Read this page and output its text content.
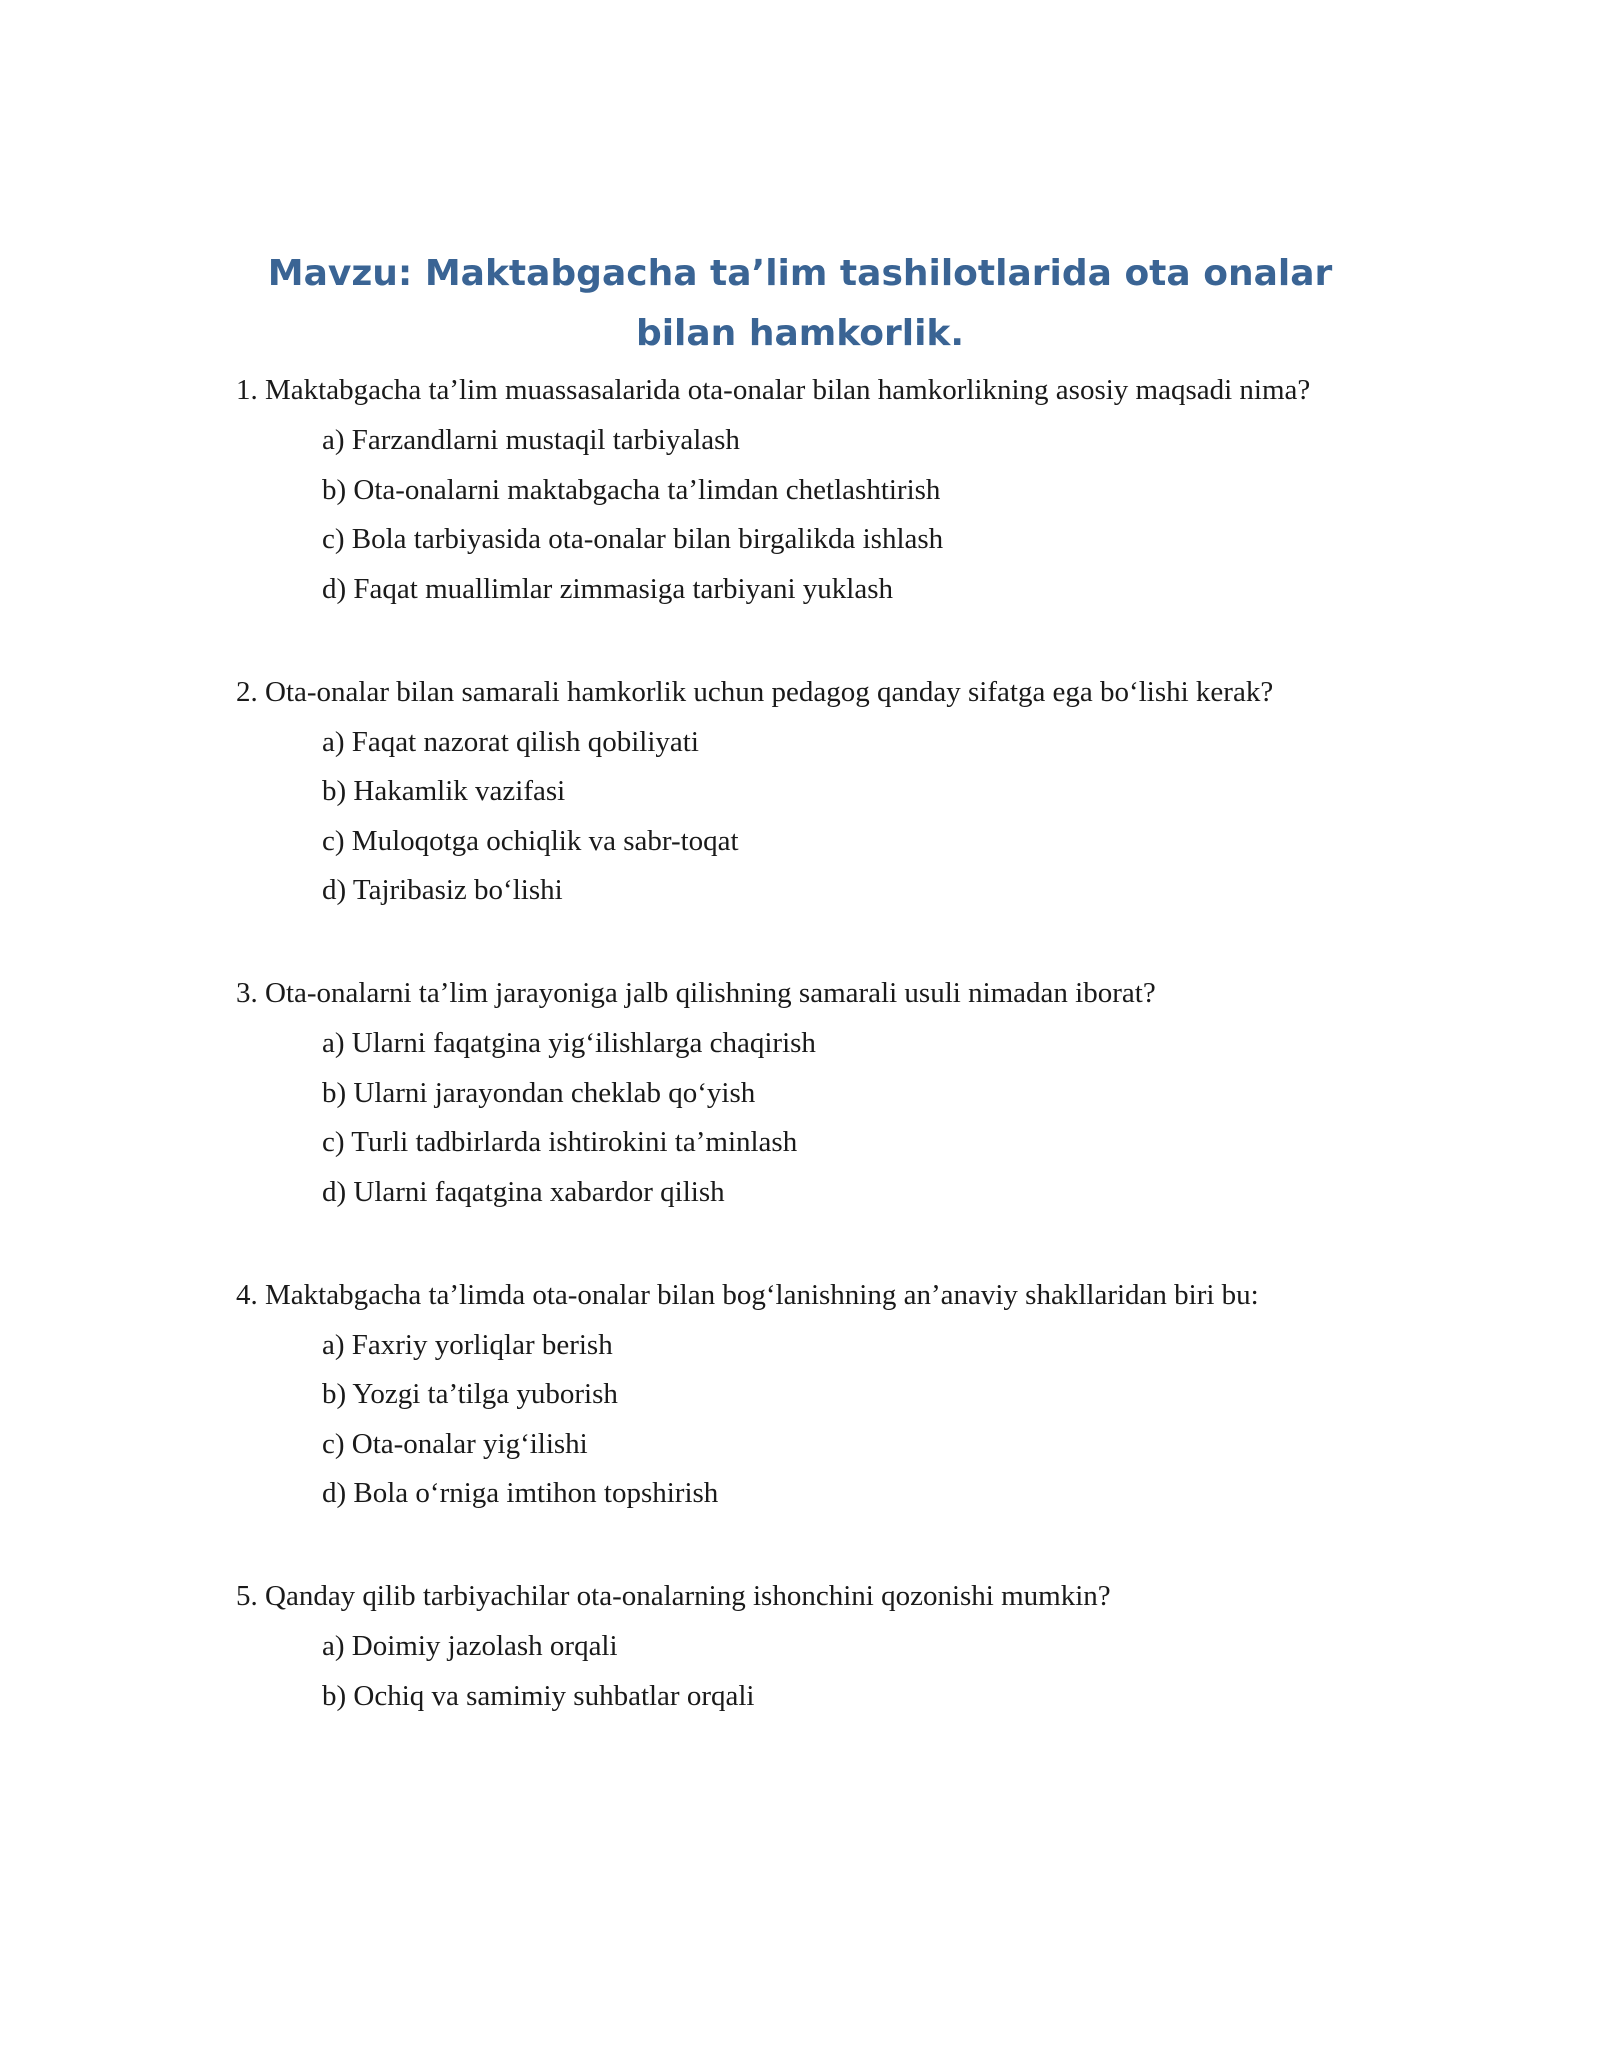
Mavzu: Maktabgacha ta’lim tashilotlarida ota onalar bilan hamkorlik.

1. Maktabgacha ta’lim muassasalarida ota-onalar bilan hamkorlikning asosiy maqsadi nima?

a) Farzandlarni mustaqil tarbiyalash
b) Ota-onalarni maktabgacha ta’limdan chetlashtirish
c) Bola tarbiyasida ota-onalar bilan birgalikda ishlash
d) Faqat muallimlar zimmasiga tarbiyani yuklash

2. Ota-onalar bilan samarali hamkorlik uchun pedagog qanday sifatga ega bo‘lishi kerak?

a) Faqat nazorat qilish qobiliyati
b) Hakamlik vazifasi
c) Muloqotga ochiqlik va sabr-toqat
d) Tajribasiz bo‘lishi

3. Ota-onalarni ta’lim jarayoniga jalb qilishning samarali usuli nimadan iborat?

a) Ularni faqatgina yig‘ilishlarga chaqirish
b) Ularni jarayondan cheklab qo‘yish
c) Turli tadbirlarda ishtirokini ta’minlash
d) Ularni faqatgina xabardor qilish

4. Maktabgacha ta’limda ota-onalar bilan bog‘lanishning an’anaviy shakllaridan biri bu:

a) Faxriy yorliqlar berish
b) Yozgi ta’tilga yuborish
c) Ota-onalar yig‘ilishi
d) Bola o‘rniga imtihon topshirish

5. Qanday qilib tarbiyachilar ota-onalarning ishonchini qozonishi mumkin?

a) Doimiy jazolash orqali
b) Ochiq va samimiy suhbatlar orqali
